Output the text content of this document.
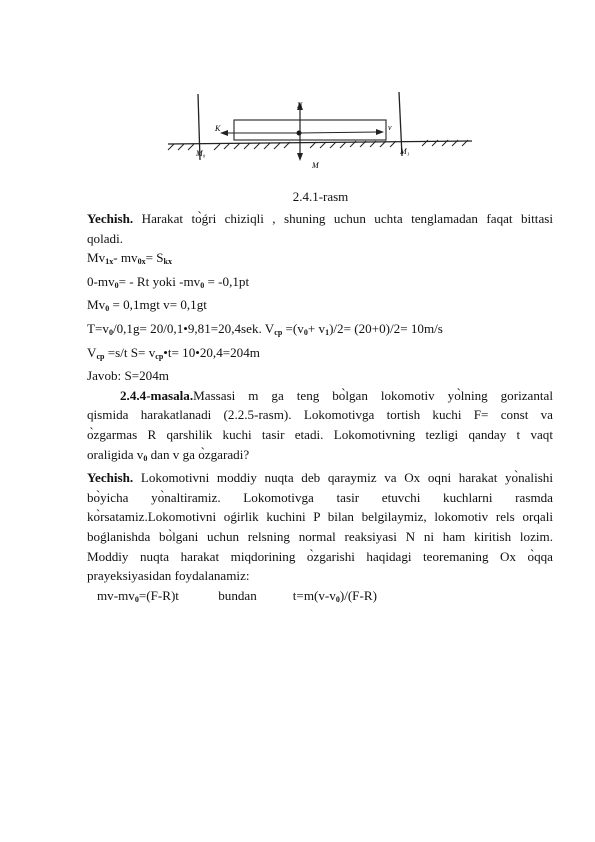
N
K	v
M₀	M₁
M
2.4.1-rasm

Yechish. Harakat tо̀ǵri chiziqli , shuning uchun uchta tenglamadan faqat bittasi

qoladi.

$Mv_{1x}-$ $mv_{0x}= S_{kx}$

$0-mv_0= - Rt$ yoki $-mv_0 = -0,1pt$

$Mv_0 = 0,1mgt$ v= 0,1gt

$T=v_0/0,1g=$ 20/0,1•9,81=20,4sek. $V_{cp} =(v_0+ v_1)/2= (20+0)/2= 10m/s$

$V_{cp} =s/t$ $S= v_{cp}•t=$ 10•20,4=204m

Javob: S=204m

2.4.4-masala.Massasi m ga teng bо̀lgan lokomotiv yо̀lning gorizantal

qismida harakatlanadi (2.2.5-rasm). Lokomotivga tortish kuchi F= const va

о̀zgarmas R qarshilik kuchi tasir etadi. Lokomotivning tezligi qanday t vaqt

oraligida $v_0$ dan v ga о̀zgaradi?

Yechish. Lokomotivni moddiy nuqta deb qaraymiz va Ox oqni harakat yо̀nalishi

bо̀yicha yо̀naltiramiz. Lokomotivga tasir etuvchi kuchlarni rasmda

kо̀rsatamiz.Lokomotivni oǵirlik kuchini P bilan belgilaymiz, lokomotiv rels orqali

boǵlanishda bо̀lgani uchun relsning normal reaksiyasi N ni ham kiritish lozim.

Moddiy nuqta harakat miqdorining о̀zgarishi haqidagi teoremaning Ox о̀qqa

prayeksiyasidan foydalanamiz:

$mv-mv_0=(F-R)t$	bundan	$t=m(v-v_0)/(F-R)$
